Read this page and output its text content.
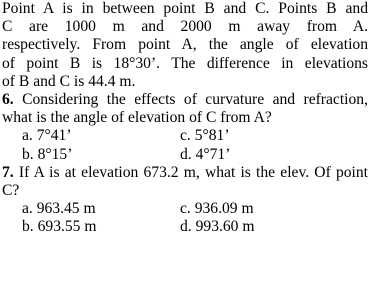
Point A is in between point B and C. Points B and
C are 1000 m and 2000 m away from A.
respectively. From point A, the angle of elevation
of point B is 18°30’. The difference in elevations
of B and C is 44.4 m.
6. Considering the effects of curvature and refraction, what is the angle of elevation of C from A?
a. 7°41’	c. 5°81’
b. 8°15’	d. 4°71’
7. If A is at elevation 673.2 m, what is the elev. Of point C?
a. 963.45 m	c. 936.09 m
b. 693.55 m	d. 993.60 m
